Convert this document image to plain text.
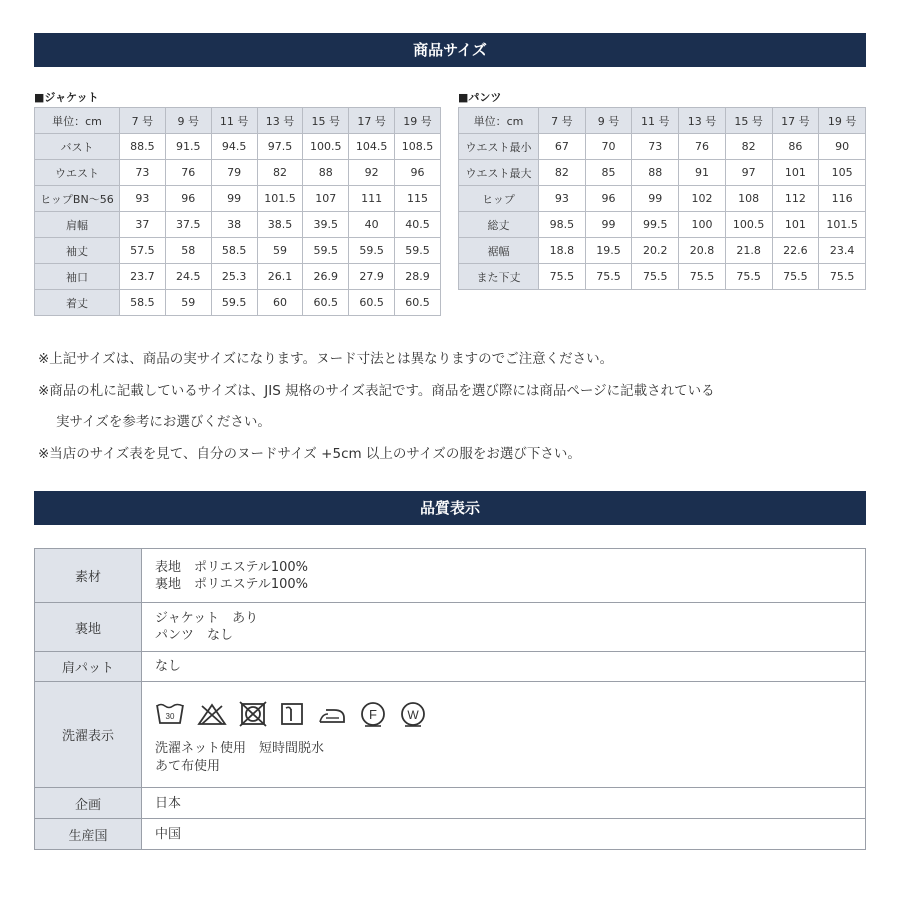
商品サイズ
■ジャケット	■パンツ
単位：cm	7 号	9 号	11 号	13 号	15 号	17 号	19 号
バスト	88.5	91.5	94.5	97.5	100.5	104.5	108.5
ウエスト	73	76	79	82	88	92	96
ヒップBN〜56	93	96	99	101.5	107	111	115
肩幅	37	37.5	38	38.5	39.5	40	40.5
袖丈	57.5	58	58.5	59	59.5	59.5	59.5
袖口	23.7	24.5	25.3	26.1	26.9	27.9	28.9
着丈	58.5	59	59.5	60	60.5	60.5	60.5
単位：cm	7 号	9 号	11 号	13 号	15 号	17 号	19 号
ウエスト最小	67	70	73	76	82	86	90
ウエスト最大	82	85	88	91	97	101	105
ヒップ	93	96	99	102	108	112	116
総丈	98.5	99	99.5	100	100.5	101	101.5
裾幅	18.8	19.5	20.2	20.8	21.8	22.6	23.4
また下丈	75.5	75.5	75.5	75.5	75.5	75.5	75.5
※上記サイズは、商品の実サイズになります。ヌード寸法とは異なりますのでご注意ください。
※商品の札に記載しているサイズは、JIS 規格のサイズ表記です。商品を選び際には商品ページに記載されている
実サイズを参考にお選びください。
※当店のサイズ表を見て、自分のヌードサイズ +5cm 以上のサイズの服をお選び下さい。
品質表示
素材	表地　ポリエステル100%
裏地　ポリエステル100%

裏地	ジャケット　あり
パンツ　なし

肩パット	なし
洗濯表示	30 F W
洗濯ネット使用　短時間脱水
あて布使用

企画	日本
生産国	中国
